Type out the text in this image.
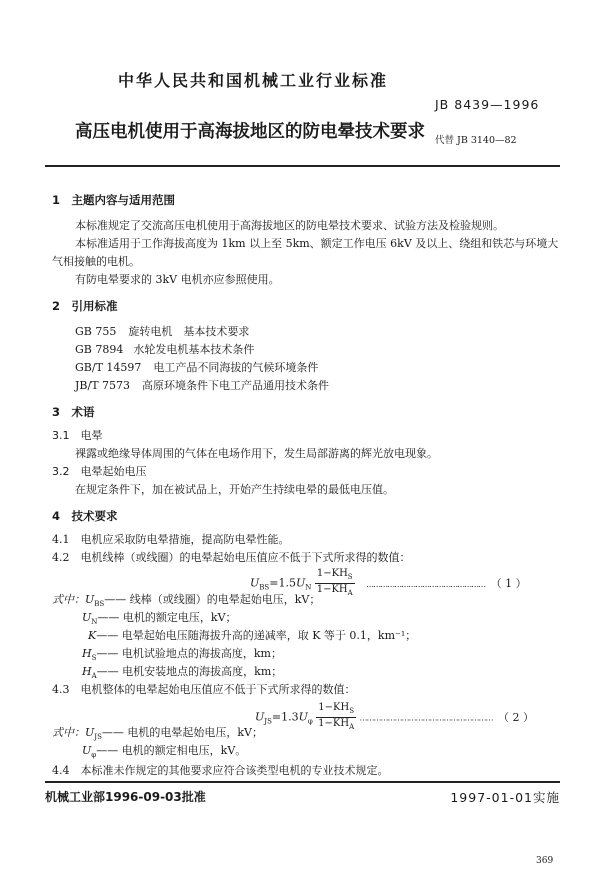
中华人民共和国机械工业行业标准
JB 8439—1996
高压电机使用于高海拔地区的防电晕技术要求 代替 JB 3140—82
1　主题内容与适用范围
本标准规定了交流高压电机使用于高海拔地区的防电晕技术要求、试验方法及检验规则。
本标准适用于工作海拔高度为 1km 以上至 5km、额定工作电压 6kV 及以上、绕组和铁芯与环境大
气相接触的电机。
有防电晕要求的 3kV 电机亦应参照使用。
2　引用标准
GB 755 旋转电机　基本技术要求
GB 7894 水轮发电机基本技术条件
GB/T 14597 电工产品不同海拔的气候环境条件
JB/T 7573 高原环境条件下电工产品通用技术条件
3　术语
3.1　电晕
裸露或绝缘导体周围的气体在电场作用下，发生局部游离的辉光放电现象。
3.2　电晕起始电压
在规定条件下，加在被试品上，开始产生持续电晕的最低电压值。
4　技术要求
4.1　电机应采取防电晕措施，提高防电晕性能。
4.2　电机线棒（或线圈）的电晕起始电压值应不低于下式所求得的数值：
$U_{BS}=1.5U_N \frac{1-KH_S}{1-KH_A}$ …………………………………………… （ 1 ）
式中：$U_{BS}——$ 线棒（或线圈）的电晕起始电压，kV；
$U_N——$ 电机的额定电压，kV；
K—— 电晕起始电压随海拔升高的递减率，取 K 等于 0.1，km⁻¹；
$H_S——$ 电机试验地点的海拔高度，km；
$H_A——$ 电机安装地点的海拔高度，km；
4.3　电机整体的电晕起始电压值应不低于下式所求得的数值：
$U_{JS}=1.3U_\varphi \frac{1-KH_S}{1-KH_A}$ ………………………………………………… （ 2 ）
式中：$U_{JS}——$ 电机的电晕起始电压，kV；
$U_\varphi——$ 电机的额定相电压，kV。
4.4　本标准未作规定的其他要求应符合该类型电机的专业技术规定。
机械工业部1996-09-03批准	1997-01-01实施
369
